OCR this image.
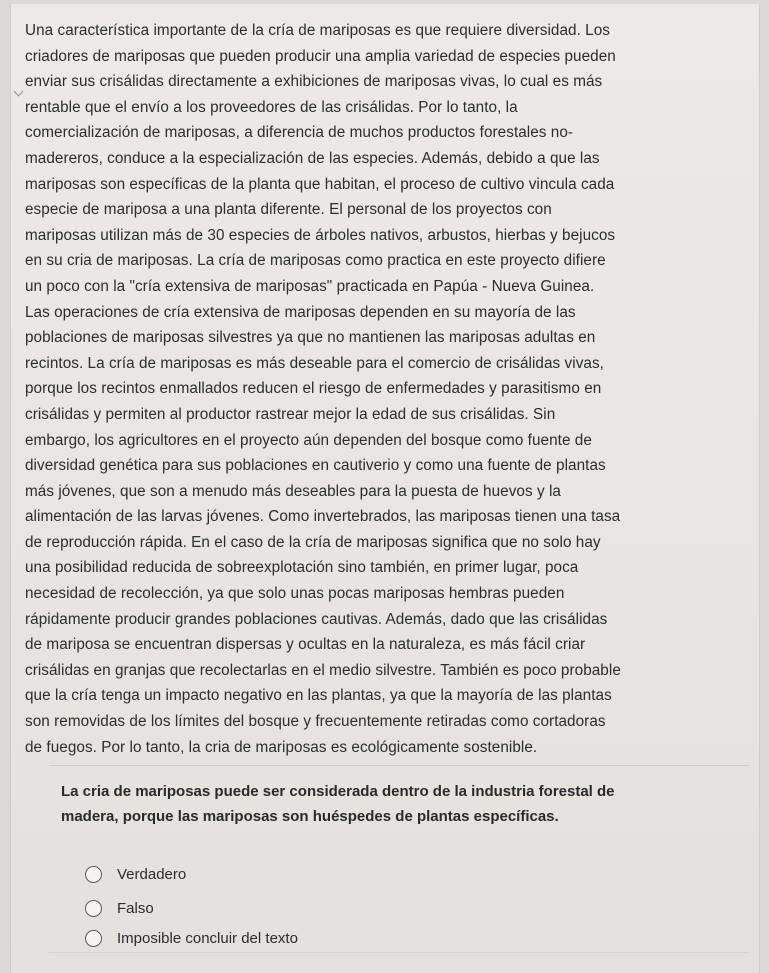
Una característica importante de la cría de mariposas es que requiere diversidad. Los
criadores de mariposas que pueden producir una amplia variedad de especies pueden
enviar sus crisálidas directamente a exhibiciones de mariposas vivas, lo cual es más
rentable que el envío a los proveedores de las crisálidas. Por lo tanto, la
comercialización de mariposas, a diferencia de muchos productos forestales no-
madereros, conduce a la especialización de las especies. Además, debido a que las
mariposas son específicas de la planta que habitan, el proceso de cultivo vincula cada
especie de mariposa a una planta diferente. El personal de los proyectos con
mariposas utilizan más de 30 especies de árboles nativos, arbustos, hierbas y bejucos
en su cria de mariposas. La cría de mariposas como practica en este proyecto difiere
un poco con la "cría extensiva de mariposas" practicada en Papúa - Nueva Guinea.
Las operaciones de cría extensiva de mariposas dependen en su mayoría de las
poblaciones de mariposas silvestres ya que no mantienen las mariposas adultas en
recintos. La cría de mariposas es más deseable para el comercio de crisálidas vivas,
porque los recintos enmallados reducen el riesgo de enfermedades y parasitismo en
crisálidas y permiten al productor rastrear mejor la edad de sus crisálidas. Sin
embargo, los agricultores en el proyecto aún dependen del bosque como fuente de
diversidad genética para sus poblaciones en cautiverio y como una fuente de plantas
más jóvenes, que son a menudo más deseables para la puesta de huevos y la
alimentación de las larvas jóvenes. Como invertebrados, las mariposas tienen una tasa
de reproducción rápida. En el caso de la cría de mariposas significa que no solo hay
una posibilidad reducida de sobreexplotación sino también, en primer lugar, poca
necesidad de recolección, ya que solo unas pocas mariposas hembras pueden
rápidamente producir grandes poblaciones cautivas. Además, dado que las crisálidas
de mariposa se encuentran dispersas y ocultas en la naturaleza, es más fácil criar
crisálidas en granjas que recolectarlas en el medio silvestre. También es poco probable
que la cría tenga un impacto negativo en las plantas, ya que la mayoría de las plantas
son removidas de los límites del bosque y frecuentemente retiradas como cortadoras
de fuegos. Por lo tanto, la cria de mariposas es ecológicamente sostenible.
La cria de mariposas puede ser considerada dentro de la industria forestal de
madera, porque las mariposas son huéspedes de plantas específicas.
Verdadero
Falso
Imposible concluir del texto
